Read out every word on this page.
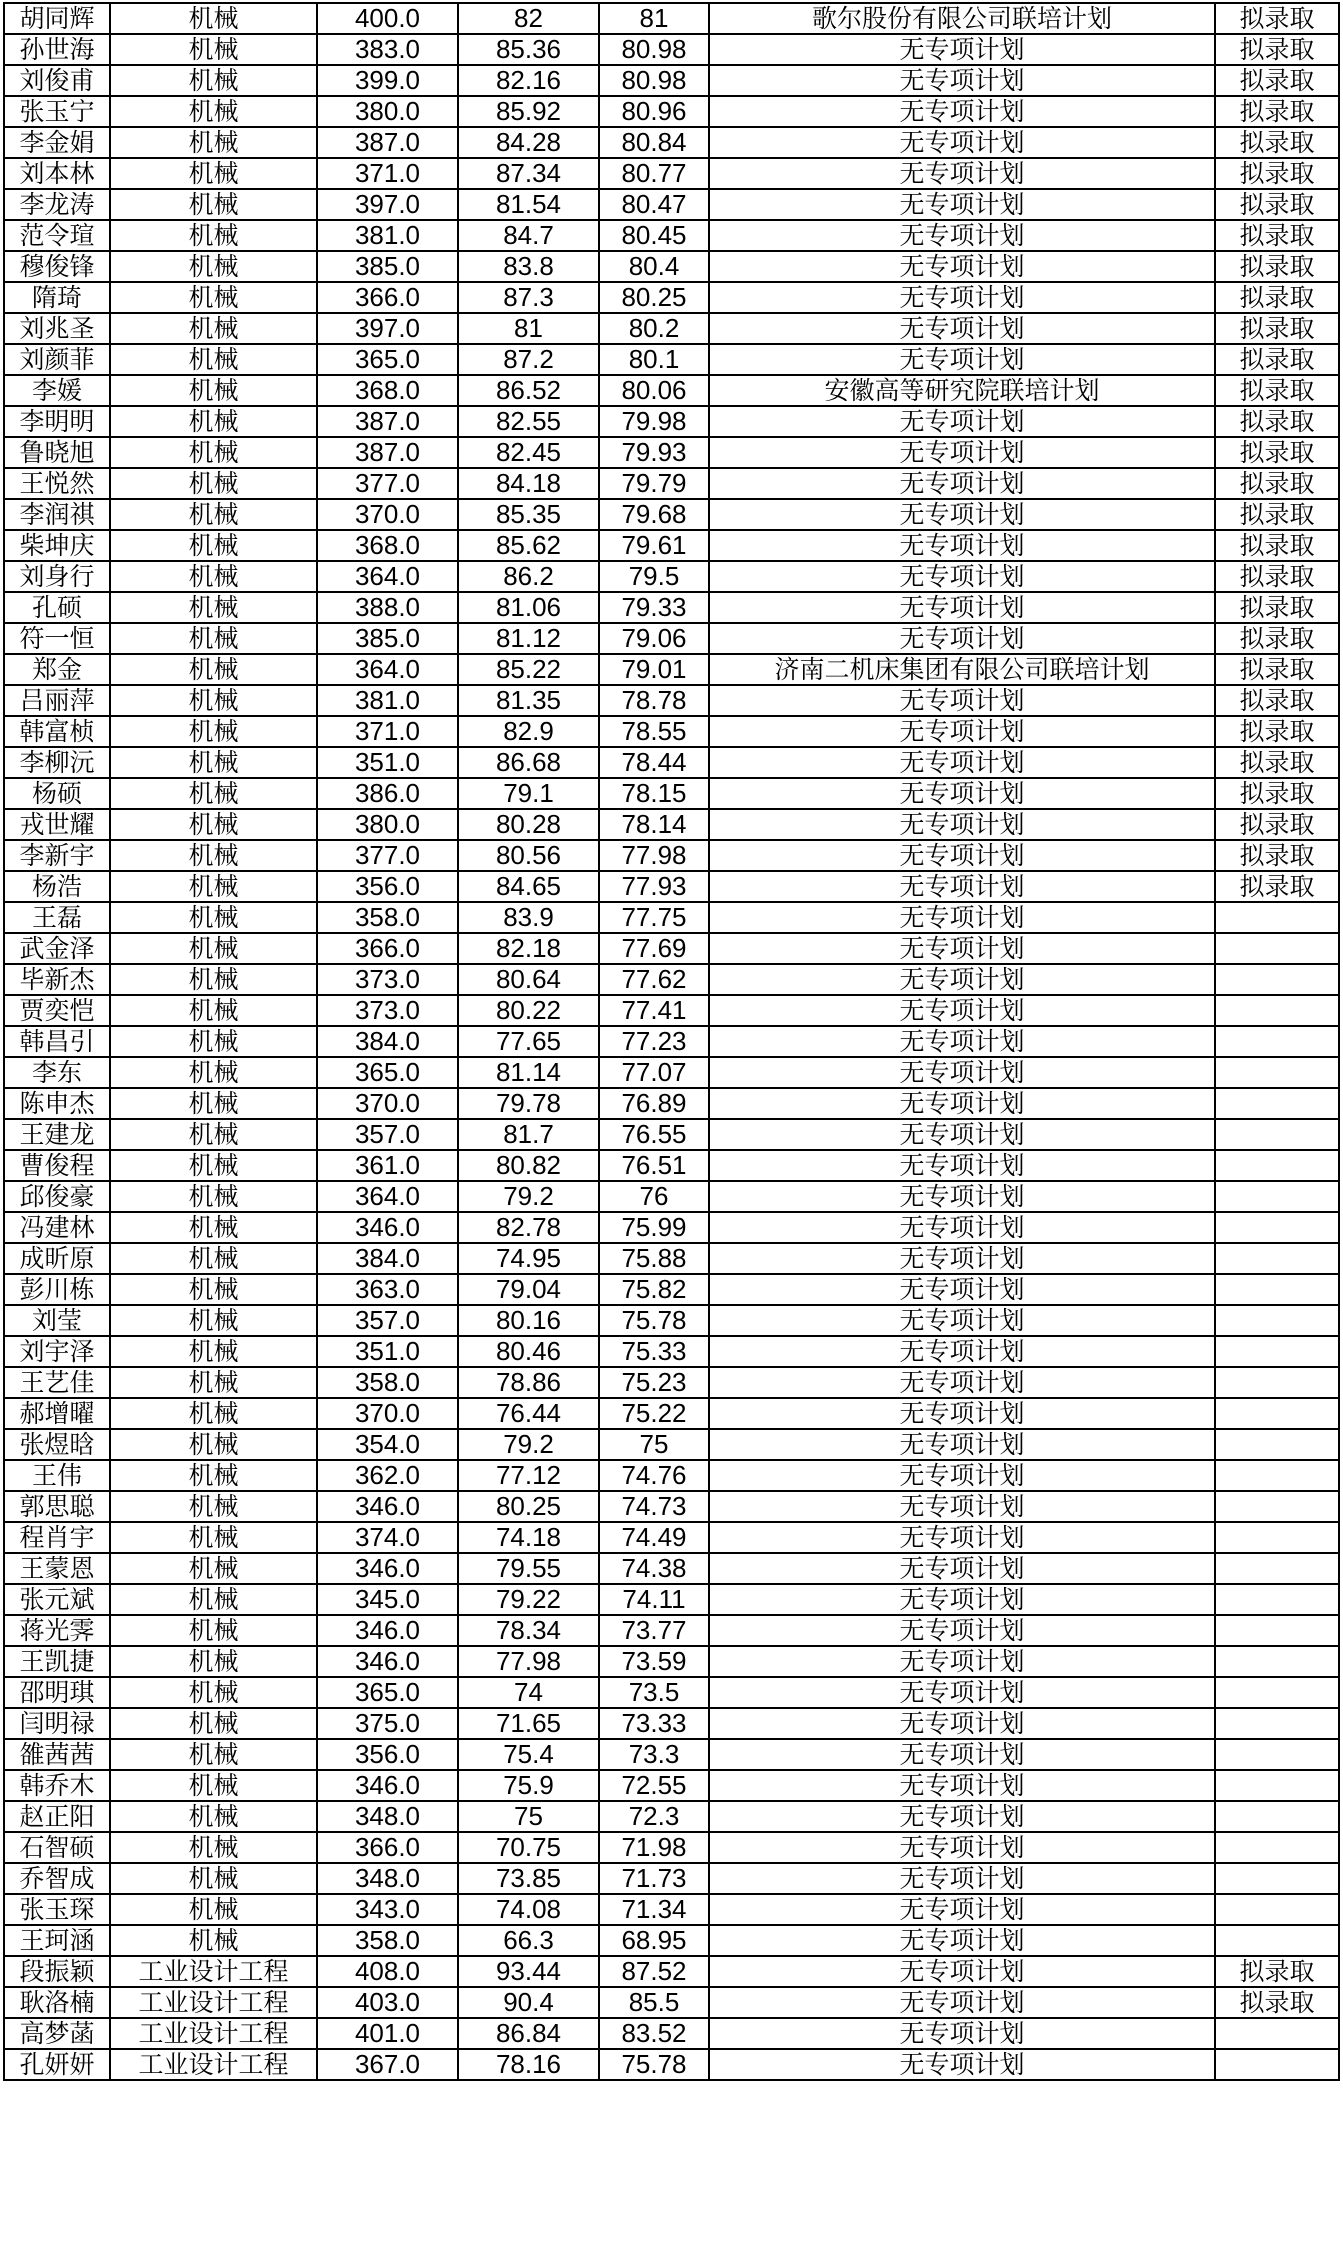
胡同辉	机械	400.0	82	81	歌尔股份有限公司联培计划	拟录取
孙世海	机械	383.0	85.36	80.98	无专项计划	拟录取
刘俊甫	机械	399.0	82.16	80.98	无专项计划	拟录取
张玉宁	机械	380.0	85.92	80.96	无专项计划	拟录取
李金娟	机械	387.0	84.28	80.84	无专项计划	拟录取
刘本林	机械	371.0	87.34	80.77	无专项计划	拟录取
李龙涛	机械	397.0	81.54	80.47	无专项计划	拟录取
范令瑄	机械	381.0	84.7	80.45	无专项计划	拟录取
穆俊锋	机械	385.0	83.8	80.4	无专项计划	拟录取
隋琦	机械	366.0	87.3	80.25	无专项计划	拟录取
刘兆圣	机械	397.0	81	80.2	无专项计划	拟录取
刘颜菲	机械	365.0	87.2	80.1	无专项计划	拟录取
李媛	机械	368.0	86.52	80.06	安徽高等研究院联培计划	拟录取
李明明	机械	387.0	82.55	79.98	无专项计划	拟录取
鲁晓旭	机械	387.0	82.45	79.93	无专项计划	拟录取
王悦然	机械	377.0	84.18	79.79	无专项计划	拟录取
李润祺	机械	370.0	85.35	79.68	无专项计划	拟录取
柴坤庆	机械	368.0	85.62	79.61	无专项计划	拟录取
刘身行	机械	364.0	86.2	79.5	无专项计划	拟录取
孔硕	机械	388.0	81.06	79.33	无专项计划	拟录取
符一恒	机械	385.0	81.12	79.06	无专项计划	拟录取
郑金	机械	364.0	85.22	79.01	济南二机床集团有限公司联培计划	拟录取
吕丽萍	机械	381.0	81.35	78.78	无专项计划	拟录取
韩富桢	机械	371.0	82.9	78.55	无专项计划	拟录取
李柳沅	机械	351.0	86.68	78.44	无专项计划	拟录取
杨硕	机械	386.0	79.1	78.15	无专项计划	拟录取
戎世耀	机械	380.0	80.28	78.14	无专项计划	拟录取
李新宇	机械	377.0	80.56	77.98	无专项计划	拟录取
杨浩	机械	356.0	84.65	77.93	无专项计划	拟录取
王磊	机械	358.0	83.9	77.75	无专项计划	
武金泽	机械	366.0	82.18	77.69	无专项计划	
毕新杰	机械	373.0	80.64	77.62	无专项计划	
贾奕恺	机械	373.0	80.22	77.41	无专项计划	
韩昌引	机械	384.0	77.65	77.23	无专项计划	
李东	机械	365.0	81.14	77.07	无专项计划	
陈申杰	机械	370.0	79.78	76.89	无专项计划	
王建龙	机械	357.0	81.7	76.55	无专项计划	
曹俊程	机械	361.0	80.82	76.51	无专项计划	
邱俊豪	机械	364.0	79.2	76	无专项计划	
冯建林	机械	346.0	82.78	75.99	无专项计划	
成昕原	机械	384.0	74.95	75.88	无专项计划	
彭川栋	机械	363.0	79.04	75.82	无专项计划	
刘莹	机械	357.0	80.16	75.78	无专项计划	
刘宇泽	机械	351.0	80.46	75.33	无专项计划	
王艺佳	机械	358.0	78.86	75.23	无专项计划	
郝增曜	机械	370.0	76.44	75.22	无专项计划	
张煜晗	机械	354.0	79.2	75	无专项计划	
王伟	机械	362.0	77.12	74.76	无专项计划	
郭思聪	机械	346.0	80.25	74.73	无专项计划	
程肖宇	机械	374.0	74.18	74.49	无专项计划	
王蒙恩	机械	346.0	79.55	74.38	无专项计划	
张元斌	机械	345.0	79.22	74.11	无专项计划	
蒋光霁	机械	346.0	78.34	73.77	无专项计划	
王凯捷	机械	346.0	77.98	73.59	无专项计划	
邵明琪	机械	365.0	74	73.5	无专项计划	
闫明禄	机械	375.0	71.65	73.33	无专项计划	
雒茜茜	机械	356.0	75.4	73.3	无专项计划	
韩乔木	机械	346.0	75.9	72.55	无专项计划	
赵正阳	机械	348.0	75	72.3	无专项计划	
石智硕	机械	366.0	70.75	71.98	无专项计划	
乔智成	机械	348.0	73.85	71.73	无专项计划	
张玉琛	机械	343.0	74.08	71.34	无专项计划	
王珂涵	机械	358.0	66.3	68.95	无专项计划	
段振颖	工业设计工程	408.0	93.44	87.52	无专项计划	拟录取
耿洛楠	工业设计工程	403.0	90.4	85.5	无专项计划	拟录取
高梦菡	工业设计工程	401.0	86.84	83.52	无专项计划	
孔妍妍	工业设计工程	367.0	78.16	75.78	无专项计划	
